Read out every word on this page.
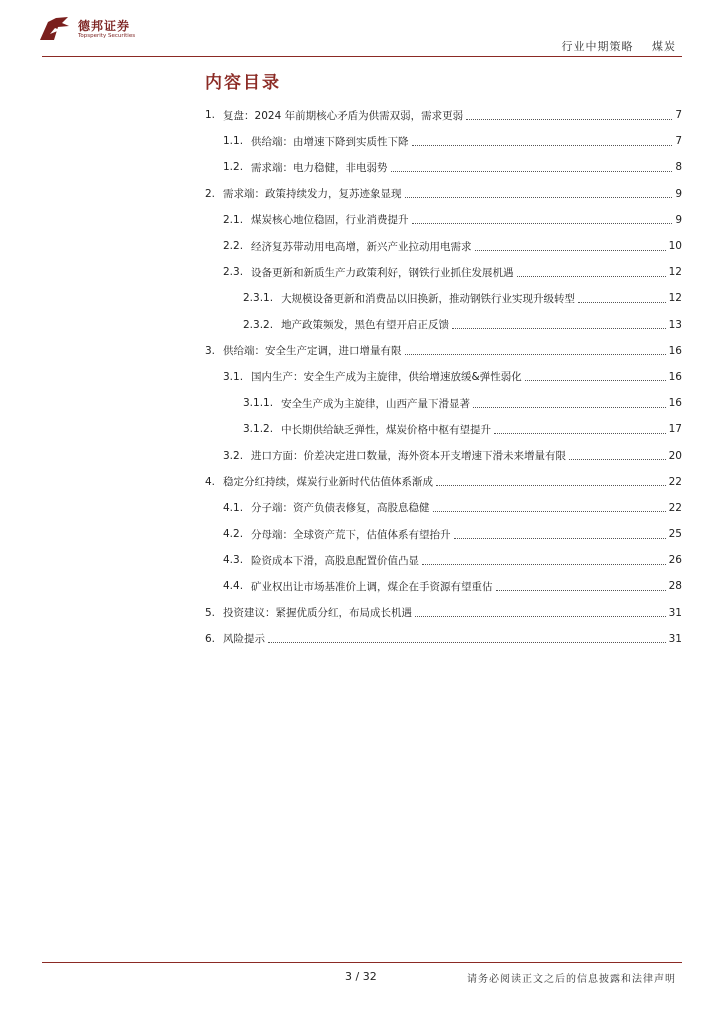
德邦证券
Topsperity Securities
行业中期策略 煤炭
内容目录
1. 复盘：2024 年前期核心矛盾为供需双弱，需求更弱	7
1.1. 供给端：由增速下降到实质性下降	7
1.2. 需求端：电力稳健，非电弱势	8
2. 需求端：政策持续发力，复苏迹象显现	9
2.1. 煤炭核心地位稳固，行业消费提升	9
2.2. 经济复苏带动用电高增，新兴产业拉动用电需求	10
2.3. 设备更新和新质生产力政策利好，钢铁行业抓住发展机遇	12
2.3.1. 大规模设备更新和消费品以旧换新，推动钢铁行业实现升级转型	12
2.3.2. 地产政策频发，黑色有望开启正反馈	13
3. 供给端：安全生产定调，进口增量有限	16
3.1. 国内生产：安全生产成为主旋律，供给增速放缓&弹性弱化	16
3.1.1. 安全生产成为主旋律，山西产量下滑显著	16
3.1.2. 中长期供给缺乏弹性，煤炭价格中枢有望提升	17
3.2. 进口方面：价差决定进口数量，海外资本开支增速下滑未来增量有限	20
4. 稳定分红持续，煤炭行业新时代估值体系渐成	22
4.1. 分子端：资产负债表修复，高股息稳健	22
4.2. 分母端：全球资产荒下，估值体系有望抬升	25
4.3. 险资成本下滑，高股息配置价值凸显	26
4.4. 矿业权出让市场基准价上调，煤企在手资源有望重估	28
5. 投资建议：紧握优质分红，布局成长机遇	31
6. 风险提示	31
3 / 32	请务必阅读正文之后的信息披露和法律声明
